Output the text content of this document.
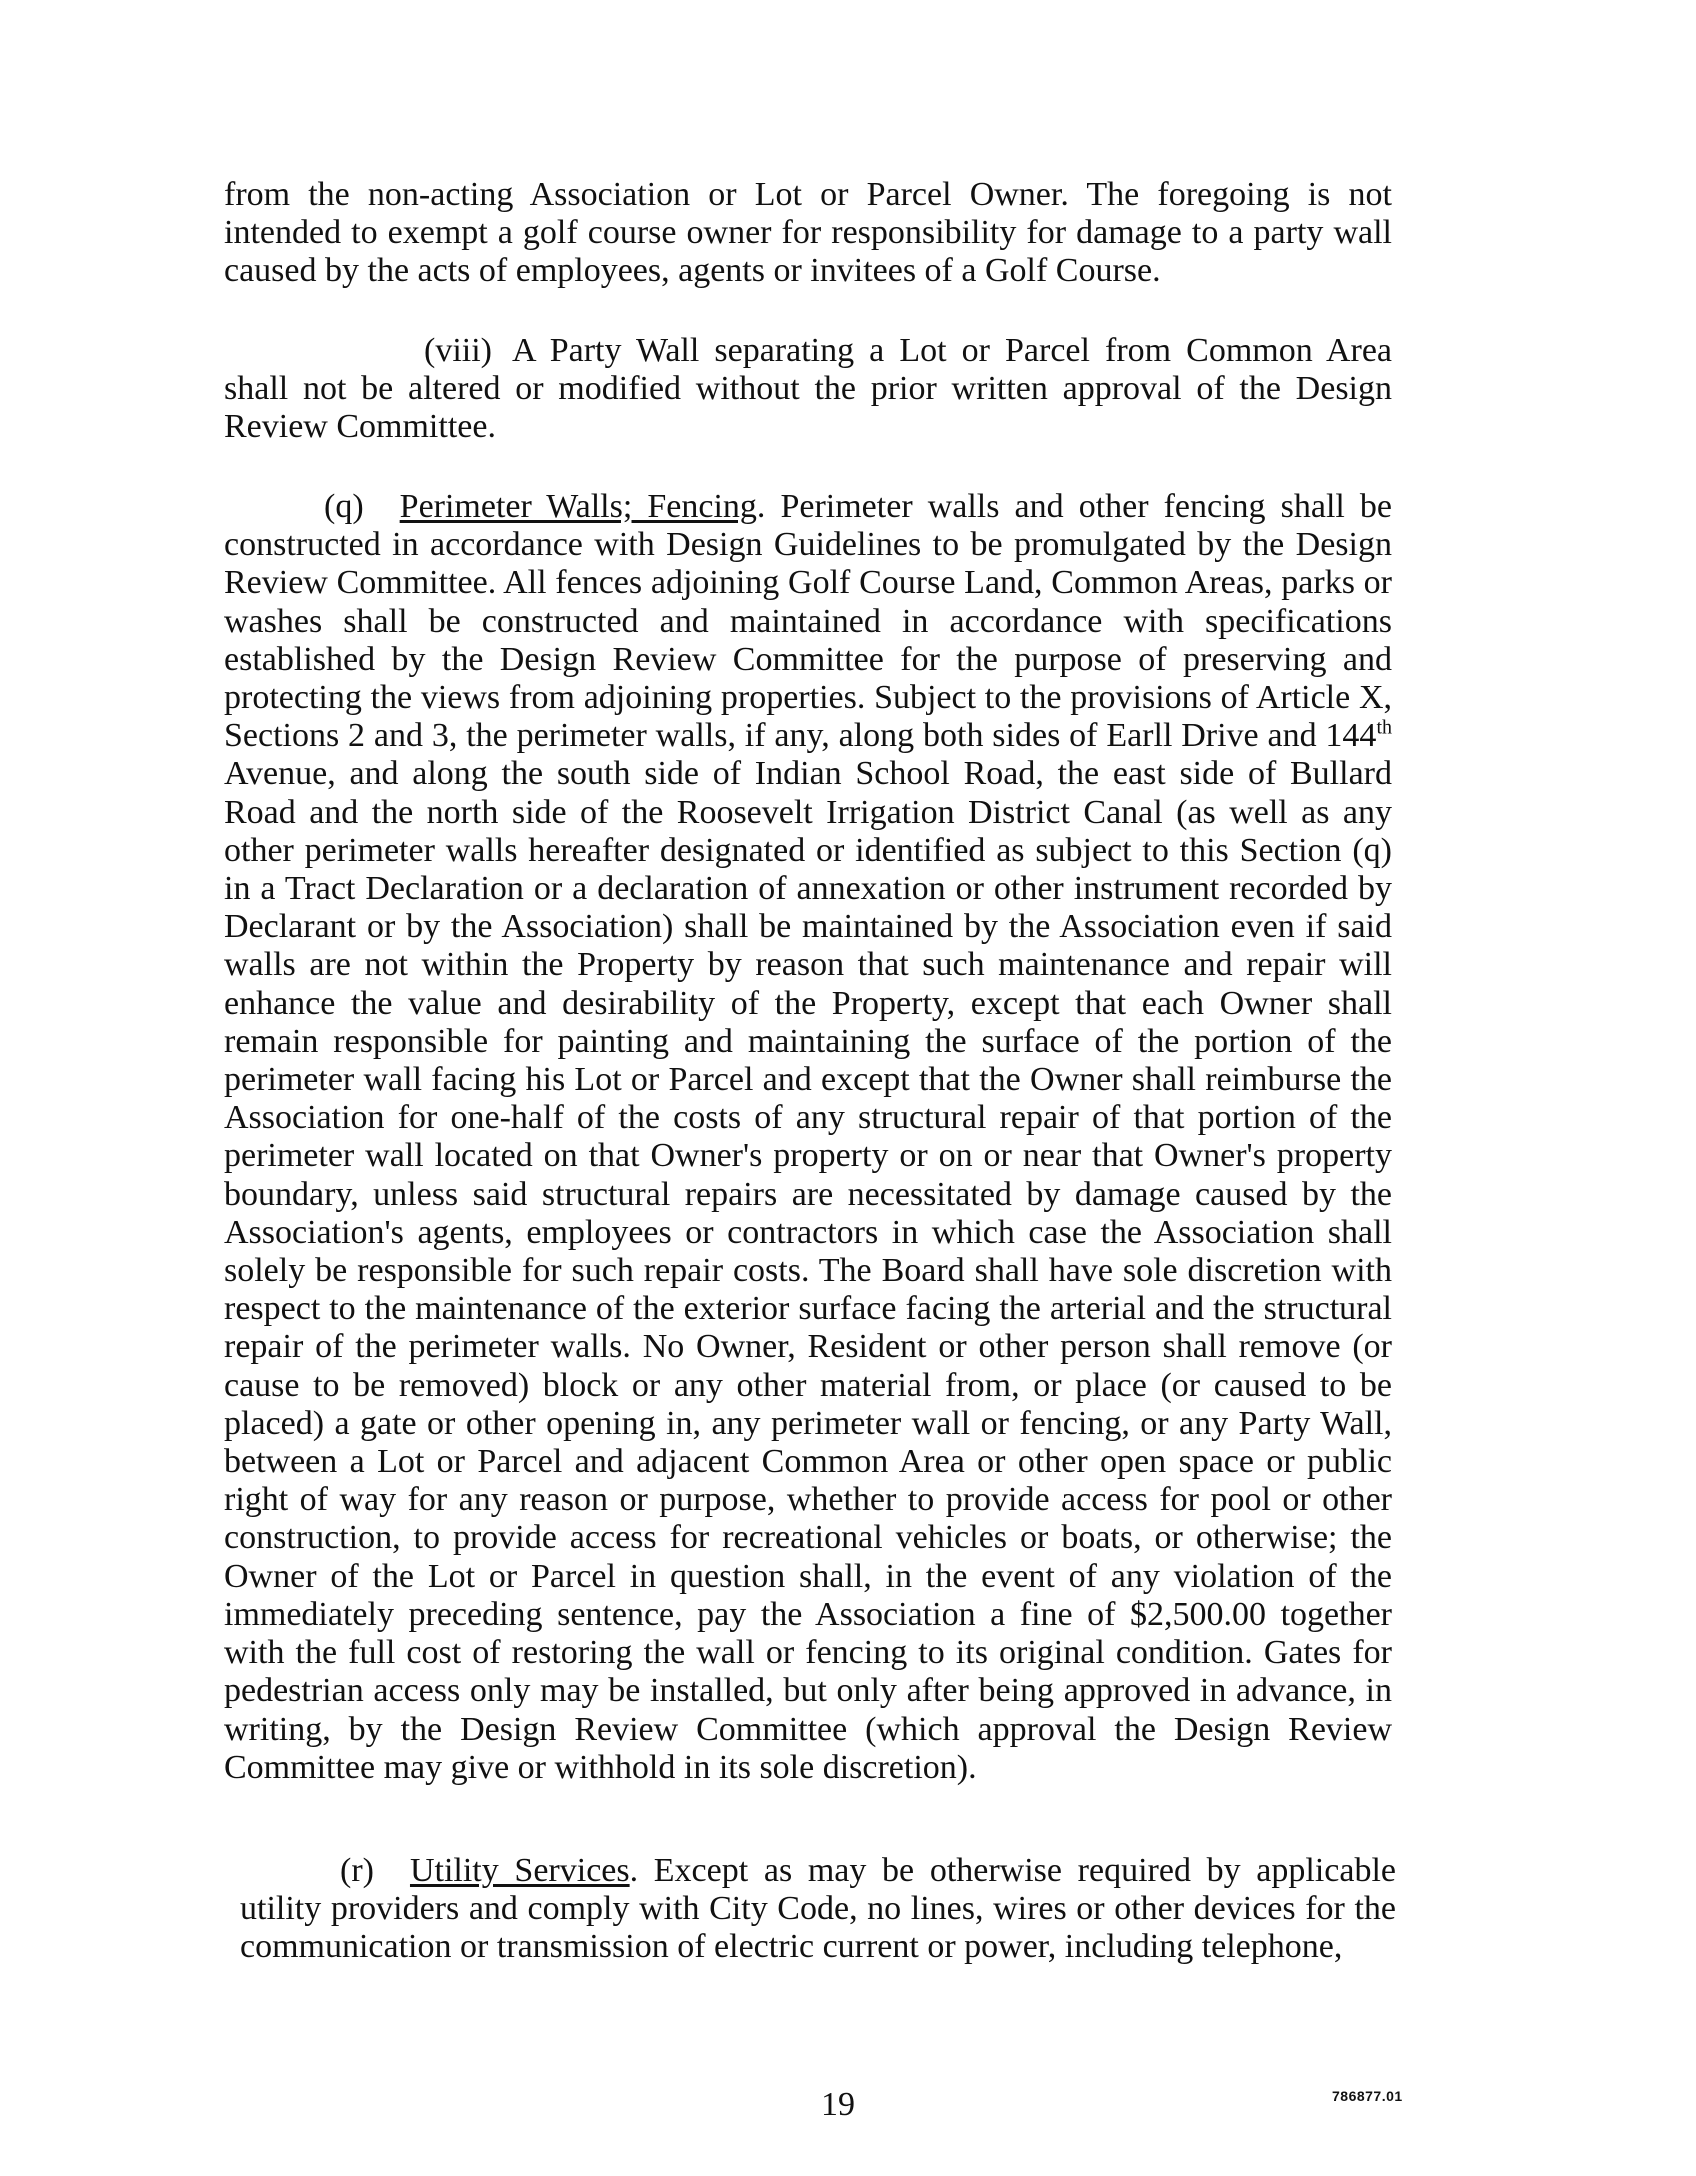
from the non-acting Association or Lot or Parcel Owner. The foregoing is not intended to exempt a golf course owner for responsibility for damage to a party wall caused by the acts of employees, agents or invitees of a Golf Course.

(viii) A Party Wall separating a Lot or Parcel from Common Area shall not be altered or modified without the prior written approval of the Design Review Committee.

(q) Perimeter Walls; Fencing. Perimeter walls and other fencing shall be constructed in accordance with Design Guidelines to be promulgated by the Design Review Committee. All fences adjoining Golf Course Land, Common Areas, parks or washes shall be constructed and maintained in accordance with specifications established by the Design Review Committee for the purpose of preserving and protecting the views from adjoining properties. Subject to the provisions of Article X, Sections 2 and 3, the perimeter walls, if any, along both sides of Earll Drive and 144th Avenue, and along the south side of Indian School Road, the east side of Bullard Road and the north side of the Roosevelt Irrigation District Canal (as well as any other perimeter walls hereafter designated or identified as subject to this Section (q) in a Tract Declaration or a declaration of annexation or other instrument recorded by Declarant or by the Association) shall be maintained by the Association even if said walls are not within the Property by reason that such maintenance and repair will enhance the value and desirability of the Property, except that each Owner shall remain responsible for painting and maintaining the surface of the portion of the perimeter wall facing his Lot or Parcel and except that the Owner shall reimburse the Association for one-half of the costs of any structural repair of that portion of the perimeter wall located on that Owner's property or on or near that Owner's property boundary, unless said structural repairs are necessitated by damage caused by the Association's agents, employees or contractors in which case the Association shall solely be responsible for such repair costs. The Board shall have sole discretion with respect to the maintenance of the exterior surface facing the arterial and the structural repair of the perimeter walls. No Owner, Resident or other person shall remove (or cause to be removed) block or any other material from, or place (or caused to be placed) a gate or other opening in, any perimeter wall or fencing, or any Party Wall, between a Lot or Parcel and adjacent Common Area or other open space or public right of way for any reason or purpose, whether to provide access for pool or other construction, to provide access for recreational vehicles or boats, or otherwise; the Owner of the Lot or Parcel in question shall, in the event of any violation of the immediately preceding sentence, pay the Association a fine of $2,500.00 together with the full cost of restoring the wall or fencing to its original condition. Gates for pedestrian access only may be installed, but only after being approved in advance, in writing, by the Design Review Committee (which approval the Design Review Committee may give or withhold in its sole discretion).

(r) Utility Services. Except as may be otherwise required by applicable utility providers and comply with City Code, no lines, wires or other devices for the communication or transmission of electric current or power, including telephone,

19	786877.01
